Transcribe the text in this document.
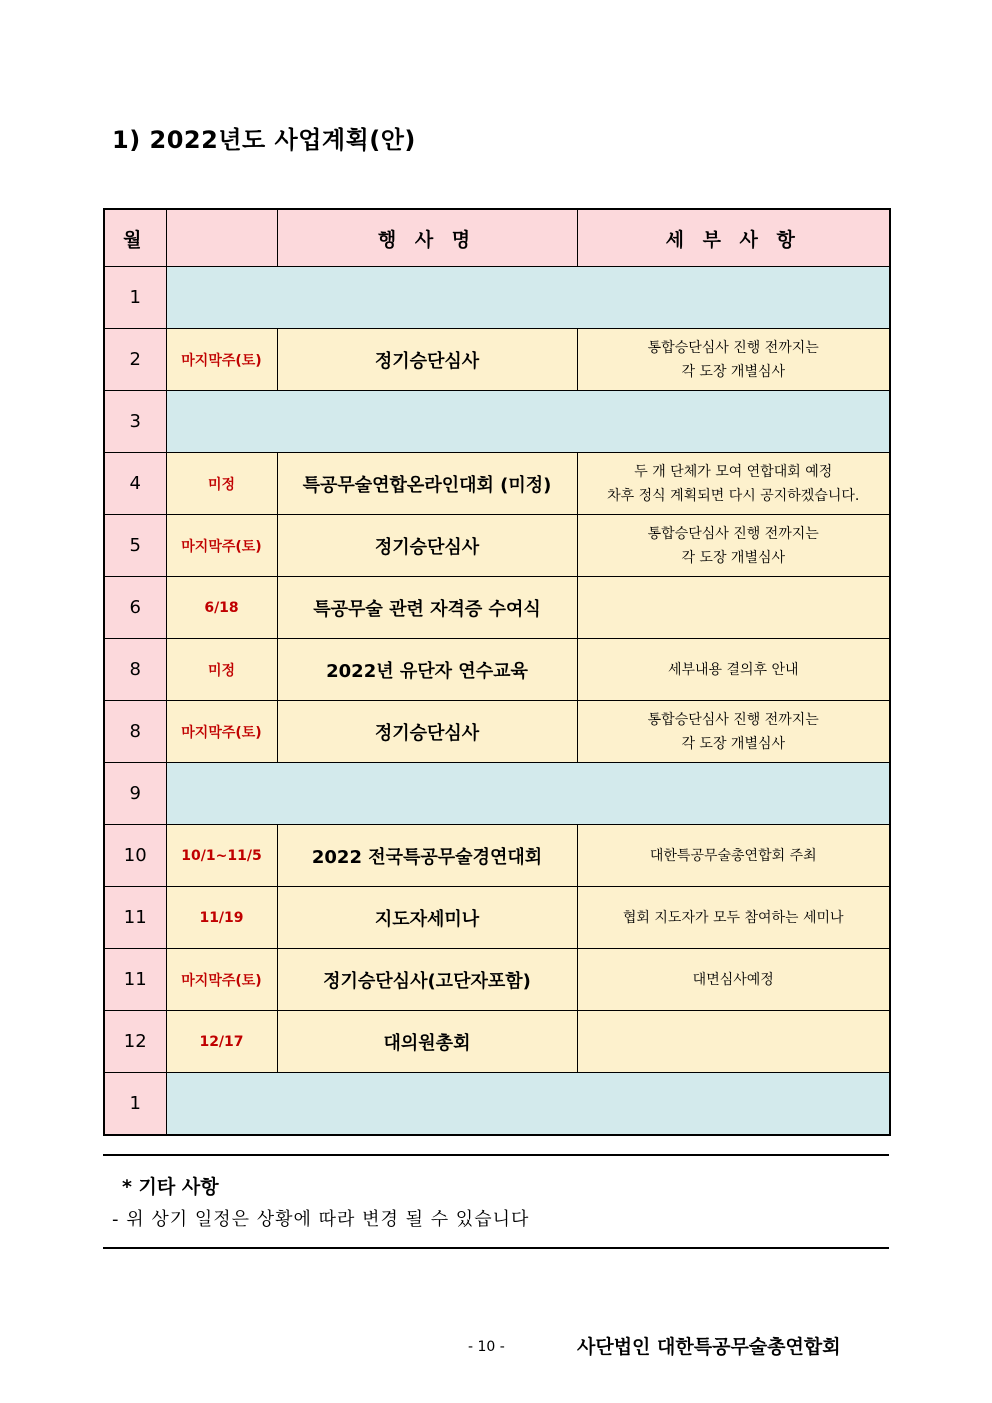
1) 2022년도 사업계획(안)
월		행 사 명	세 부 사 항
1			
2	마지막주(토)	정기승단심사	통합승단심사 진행 전까지는
각 도장 개별심사

3			
4	미정	특공무술연합온라인대회 (미정)	두 개 단체가 모여 연합대회 예정
차후 정식 계획되면 다시 공지하겠습니다.

5	마지막주(토)	정기승단심사	통합승단심사 진행 전까지는
각 도장 개별심사

6	6/18	특공무술 관련 자격증 수여식	

8	미정	2022년 유단자 연수교육	세부내용 결의후 안내

8	마지막주(토)	정기승단심사	통합승단심사 진행 전까지는
각 도장 개별심사

9			
10	10/1~11/5	2022 전국특공무술경연대회	대한특공무술총연합회 주최

11	11/19	지도자세미나	협회 지도자가 모두 참여하는 세미나

11	마지막주(토)	정기승단심사(고단자포함)	대면심사예정

12	12/17	대의원총회	

1			
* 기타 사항
- 위 상기 일정은 상황에 따라 변경 될 수 있습니다
- 10 -	사단법인 대한특공무술총연합회
